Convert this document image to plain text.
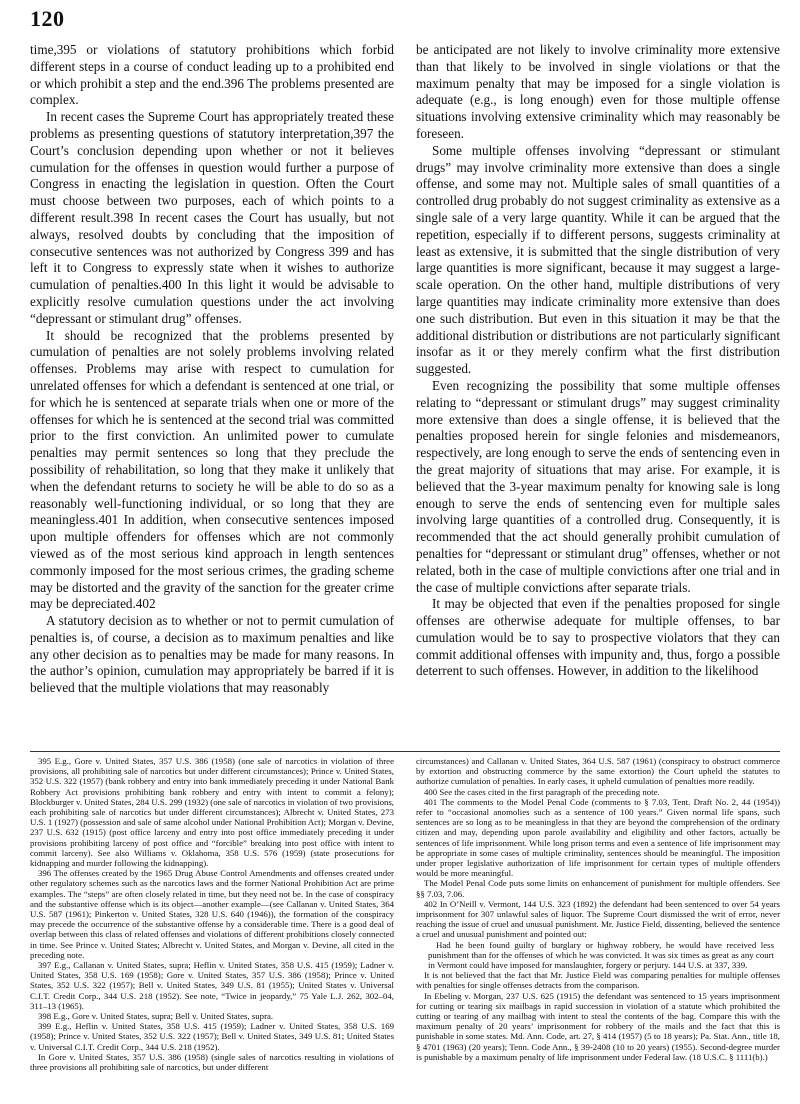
120

time,395 or violations of statutory prohibitions which forbid different steps in a course of conduct leading up to a prohibited end or which prohibit a step and the end.396 The problems presented are complex.

In recent cases the Supreme Court has appropriately treated these problems as presenting questions of statutory interpretation,397 the Court’s conclusion depending upon whether or not it believes cumulation for the offenses in question would further a purpose of Congress in enacting the legislation in question. Often the Court must choose between two purposes, each of which points to a different result.398 In recent cases the Court has usually, but not always, resolved doubts by concluding that the imposition of consecutive sentences was not authorized by Congress 399 and has left it to Congress to expressly state when it wishes to authorize cumulation of penalties.400 In this light it would be advisable to explicitly resolve cumulation questions under the act involving “depressant or stimulant drug” offenses.

It should be recognized that the problems presented by cumulation of penalties are not solely problems involving related offenses. Problems may arise with respect to cumulation for unrelated offenses for which a defendant is sentenced at one trial, or for which he is sentenced at separate trials when one or more of the offenses for which he is sentenced at the second trial was committed prior to the first conviction. An unlimited power to cumulate penalties may permit sentences so long that they preclude the possibility of rehabilitation, so long that they make it unlikely that when the defendant returns to society he will be able to do so as a reasonably well-functioning individual, or so long that they are meaningless.401 In addition, when consecutive sentences imposed upon multiple offenders for offenses which are not commonly viewed as of the most serious kind approach in length sentences commonly imposed for the most serious crimes, the grading scheme may be distorted and the gravity of the sanction for the greater crime may be depreciated.402

A statutory decision as to whether or not to permit cumulation of penalties is, of course, a decision as to maximum penalties and like any other decision as to penalties may be made for many reasons. In the author’s opinion, cumulation may appropriately be barred if it is believed that the multiple violations that may reasonably

be anticipated are not likely to involve criminality more extensive than that likely to be involved in single violations or that the maximum penalty that may be imposed for a single violation is adequate (e.g., is long enough) even for those multiple offense situations involving extensive criminality which may reasonably be foreseen.

Some multiple offenses involving “depressant or stimulant drugs” may involve criminality more extensive than does a single offense, and some may not. Multiple sales of small quantities of a controlled drug probably do not suggest criminality as extensive as a single sale of a very large quantity. While it can be argued that the repetition, especially if to different persons, suggests criminality at least as extensive, it is submitted that the single distribution of very large quantities is more significant, because it may suggest a large-scale operation. On the other hand, multiple distributions of very large quantities may indicate criminality more extensive than does one such distribution. But even in this situation it may be that the additional distribution or distributions are not particularly significant insofar as it or they merely confirm what the first distribution suggested.

Even recognizing the possibility that some multiple offenses relating to “depressant or stimulant drugs” may suggest criminality more extensive than does a single offense, it is believed that the penalties proposed herein for single felonies and misdemeanors, respectively, are long enough to serve the ends of sentencing even in the great majority of situations that may arise. For example, it is believed that the 3-year maximum penalty for knowing sale is long enough to serve the ends of sentencing even for multiple sales involving large quantities of a controlled drug. Consequently, it is recommended that the act should generally prohibit cumulation of penalties for “depressant or stimulant drug” offenses, whether or not related, both in the case of multiple convictions after one trial and in the case of multiple convictions after separate trials.

It may be objected that even if the penalties proposed for single offenses are otherwise adequate for multiple offenses, to bar cumulation would be to say to prospective violators that they can commit additional offenses with impunity and, thus, forgo a possible deterrent to such offenses. However, in addition to the likelihood

395 E.g., Gore v. United States, 357 U.S. 386 (1958) (one sale of narcotics in violation of three provisions, all prohibiting sale of narcotics but under different circumstances); Prince v. United States, 352 U.S. 322 (1957) (bank robbery and entry into bank immediately preceding it under National Bank Robbery Act provisions prohibiting bank robbery and entry with intent to commit a felony); Blockburger v. United States, 284 U.S. 299 (1932) (one sale of narcotics in violation of two provisions, each prohibiting sale of narcotics but under different circumstances); Albrecht v. United States, 273 U.S. 1 (1927) (possession and sale of same alcohol under National Prohibition Act); Morgan v. Devine, 237 U.S. 632 (1915) (post office larceny and entry into post office immediately preceding it under provisions prohibiting larceny of post office and “forcible” breaking into post office with intent to commit larceny). See also Williams v. Oklahoma, 358 U.S. 576 (1959) (state prosecutions for kidnapping and murder following the kidnapping).

396 The offenses created by the 1965 Drug Abuse Control Amendments and offenses created under other regulatory schemes such as the narcotics laws and the former National Prohibition Act are prime examples. The “steps” are often closely related in time, but they need not be. In the case of conspiracy and the substantive offense which is its object—another example—(see Callanan v. United States, 364 U.S. 587 (1961); Pinkerton v. United States, 328 U.S. 640 (1946)), the formation of the conspiracy may precede the occurrence of the substantive offense by a considerable time. There is a good deal of overlap between this class of related offenses and violations of different prohibitions closely connected in time. See Prince v. United States; Albrecht v. United States, and Morgan v. Devine, all cited in the preceding note.

397 E.g., Callanan v. United States, supra; Heflin v. United States, 358 U.S. 415 (1959); Ladner v. United States, 358 U.S. 169 (1958); Gore v. United States, 357 U.S. 386 (1958); Prince v. United States, 352 U.S. 322 (1957); Bell v. United States, 349 U.S. 81 (1955); United States v. Universal C.I.T. Credit Corp., 344 U.S. 218 (1952). See note, “Twice in jeopardy,” 75 Yale L.J. 262, 302–04, 311–13 (1965).

398 E.g., Gore v. United States, supra; Bell v. United States, supra.

399 E.g., Heflin v. United States, 358 U.S. 415 (1959); Ladner v. United States, 358 U.S. 169 (1958); Prince v. United States, 352 U.S. 322 (1957); Bell v. United States, 349 U.S. 81; United States v. Universal C.I.T. Credit Corp., 344 U.S. 218 (1952).

In Gore v. United States, 357 U.S. 386 (1958) (single sales of narcotics resulting in violations of three provisions all prohibiting sale of narcotics, but under different

circumstances) and Callanan v. United States, 364 U.S. 587 (1961) (conspiracy to obstruct commerce by extortion and obstructing commerce by the same extortion) the Court upheld the statutes to authorize cumulation of penalties. In early cases, it upheld cumulation of penalties more readily.

400 See the cases cited in the first paragraph of the preceding note.

401 The comments to the Model Penal Code (comments to § 7.03, Tent. Draft No. 2, 44 (1954)) refer to “occasional anomolies such as a sentence of 100 years.” Given normal life spans, such sentences are so long as to be meaningless in that they are beyond the comprehension of the ordinary citizen and may, depending upon parole availability and eligibility and other factors, actually be sentences of life imprisonment. While long prison terms and even a sentence of life imprisonment may be appropriate in some cases of multiple criminality, sentences should be meaningful. The imposition under proper legislative authorization of life imprisonment for certain types of multiple offenders would be more meaningful.

The Model Penal Code puts some limits on enhancement of punishment for multiple offenders. See §§ 7.03, 7.06.

402 In O’Neill v. Vermont, 144 U.S. 323 (1892) the defendant had been sentenced to over 54 years imprisonment for 307 unlawful sales of liquor. The Supreme Court dismissed the writ of error, never reaching the issue of cruel and unusual punishment. Mr. Justice Field, dissenting, believed the sentence a cruel and unusual punishment and pointed out:

Had he been found guilty of burglary or highway robbery, he would have received less punishment than for the offenses of which he was convicted. It was six times as great as any court in Vermont could have imposed for manslaughter, forgery or perjury. 144 U.S. at 337, 339.

It is not believed that the fact that Mr. Justice Field was comparing penalties for multiple offenses with penalties for single offenses detracts from the comparison.

In Ebeling v. Morgan, 237 U.S. 625 (1915) the defendant was sentenced to 15 years imprisonment for cutting or tearing six mailbags in rapid succession in violation of a statute which prohibited the cutting or tearing of any mailbag with intent to steal the contents of the bag. Compare this with the maximum penalty of 20 years’ imprisonment for robbery of the mails and the fact that this is punishable in some states. Md. Ann. Code, art. 27, § 414 (1957) (5 to 18 years); Pa. Stat. Ann., title 18, § 4701 (1963) (20 years); Tenn. Code Ann., § 39-2408 (10 to 20 years) (1955). Second-degree murder is punishable by a maximum penalty of life imprisonment under Federal law. (18 U.S.C. § 1111(b).)
